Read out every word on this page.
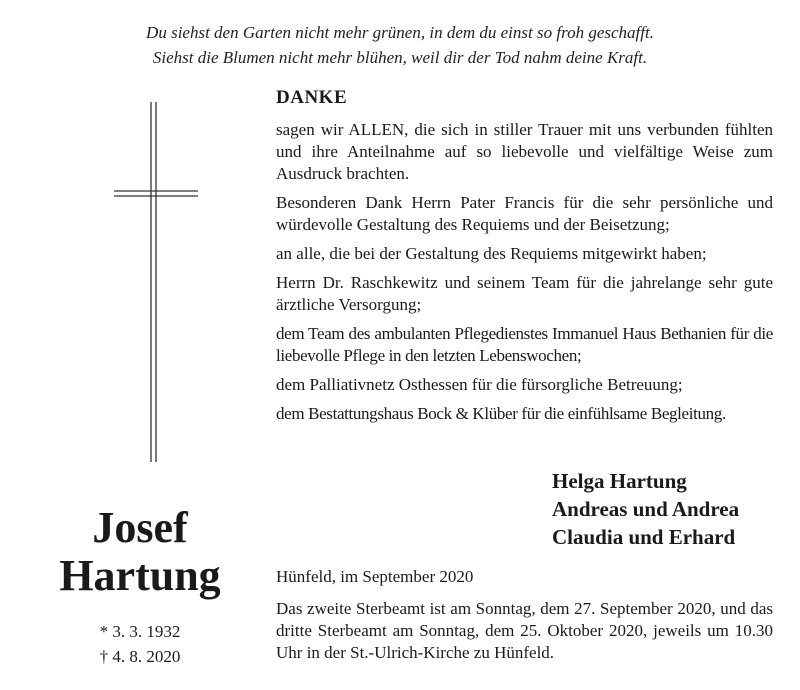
Du siehst den Garten nicht mehr grünen, in dem du einst so froh geschafft.
Siehst die Blumen nicht mehr blühen, weil dir der Tod nahm deine Kraft.
DANKE

sagen wir ALLEN, die sich in stiller Trauer mit uns verbunden fühlten und ihre Anteilnahme auf so liebevolle und vielfältige Weise zum Ausdruck brachten.

Besonderen Dank Herrn Pater Francis für die sehr persönliche und würdevolle Gestaltung des Requiems und der Beisetzung;

an alle, die bei der Gestaltung des Requiems mitgewirkt haben;

Herrn Dr. Raschkewitz und seinem Team für die jahrelange sehr gute ärztliche Versorgung;

dem Team des ambulanten Pflegedienstes Immanuel Haus Bethanien für die liebevolle Pflege in den letzten Lebenswochen;

dem Palliativnetz Osthessen für die fürsorgliche Betreuung;

dem Bestattungshaus Bock & Klüber für die einfühlsame Begleitung.

Helga Hartung
Andreas und Andrea
Claudia und Erhard
Josef
Hartung
* 3. 3. 1932
† 4. 8. 2020
Hünfeld, im September 2020
Das zweite Sterbeamt ist am Sonntag, dem 27. September 2020, und das dritte Sterbeamt am Sonntag, dem 25. Oktober 2020, jeweils um 10.30 Uhr in der St.-Ulrich-Kirche zu Hünfeld.
